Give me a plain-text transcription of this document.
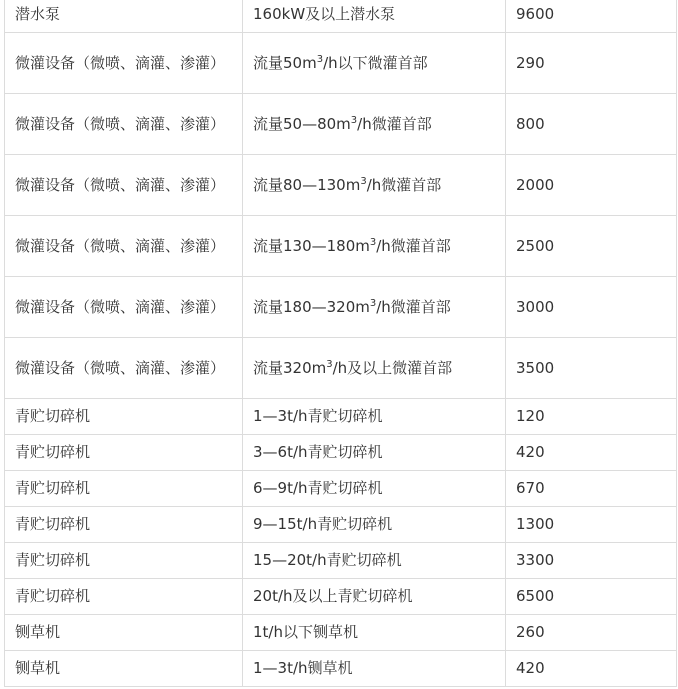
潜水泵	160kW及以上潜水泵	9600
微灌设备（微喷、滴灌、渗灌）	流量$50m^3/h$以下微灌首部	290
微灌设备（微喷、滴灌、渗灌）	流量$50—80m^3/h$微灌首部	800
微灌设备（微喷、滴灌、渗灌）	流量$80—130m^3/h$微灌首部	2000
微灌设备（微喷、滴灌、渗灌）	流量$130—180m^3/h$微灌首部	2500
微灌设备（微喷、滴灌、渗灌）	流量$180—320m^3/h$微灌首部	3000
微灌设备（微喷、滴灌、渗灌）	流量$320m^3/h$及以上微灌首部	3500
青贮切碎机	1—3t/h青贮切碎机	120
青贮切碎机	3—6t/h青贮切碎机	420
青贮切碎机	6—9t/h青贮切碎机	670
青贮切碎机	9—15t/h青贮切碎机	1300
青贮切碎机	15—20t/h青贮切碎机	3300
青贮切碎机	20t/h及以上青贮切碎机	6500
铡草机	1t/h以下铡草机	260
铡草机	1—3t/h铡草机	420
